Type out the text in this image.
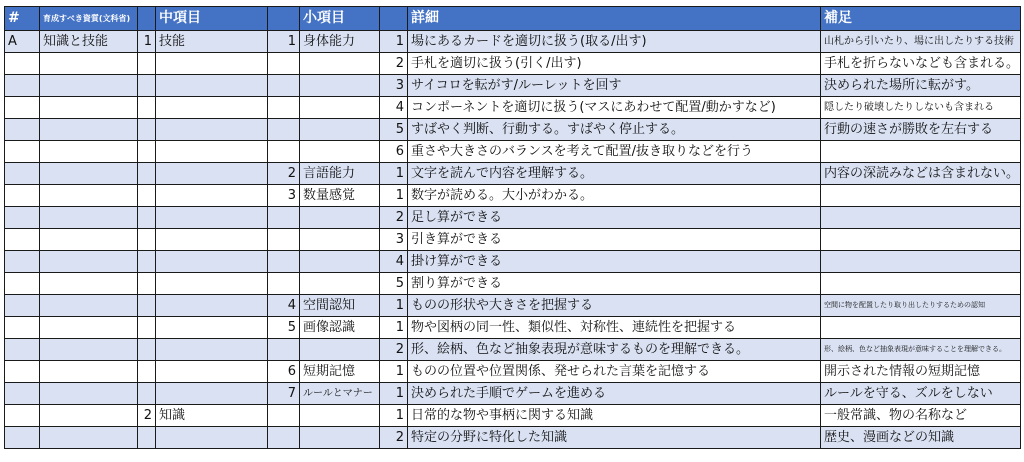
#	育成すべき資質(文科省)		中項目		小項目		詳細	補足
A	知識と技能	1	技能	1	身体能力	1	場にあるカードを適切に扱う(取る/出す)	山札から引いたり、場に出したりする技術
						2	手札を適切に扱う(引く/出す)	手札を折らないなども含まれる。
						3	サイコロを転がす/ルーレットを回す	決められた場所に転がす。
						4	コンポーネントを適切に扱う(マスにあわせて配置/動かすなど)	隠したり破壊したりしないも含まれる
						5	すばやく判断、行動する。すばやく停止する。	行動の速さが勝敗を左右する
						6	重さや大きさのバランスを考えて配置/抜き取りなどを行う	
				2	言語能力	1	文字を読んで内容を理解する。	内容の深読みなどは含まれない。
				3	数量感覚	1	数字が読める。大小がわかる。	
						2	足し算ができる	
						3	引き算ができる	
						4	掛け算ができる	
						5	割り算ができる	
				4	空間認知	1	ものの形状や大きさを把握する	空間に物を配置したり取り出したりするための認知
				5	画像認識	1	物や図柄の同一性、類似性、対称性、連続性を把握する	
						2	形、絵柄、色など抽象表現が意味するものを理解できる。	形、絵柄、色など抽象表現が意味することを理解できる。
				6	短期記憶	1	ものの位置や位置関係、発せられた言葉を記憶する	開示された情報の短期記憶
				7	ルールとマナー	1	決められた手順でゲームを進める	ルールを守る、ズルをしない
		2	知識			1	日常的な物や事柄に関する知識	一般常識、物の名称など
						2	特定の分野に特化した知識	歴史、漫画などの知識
